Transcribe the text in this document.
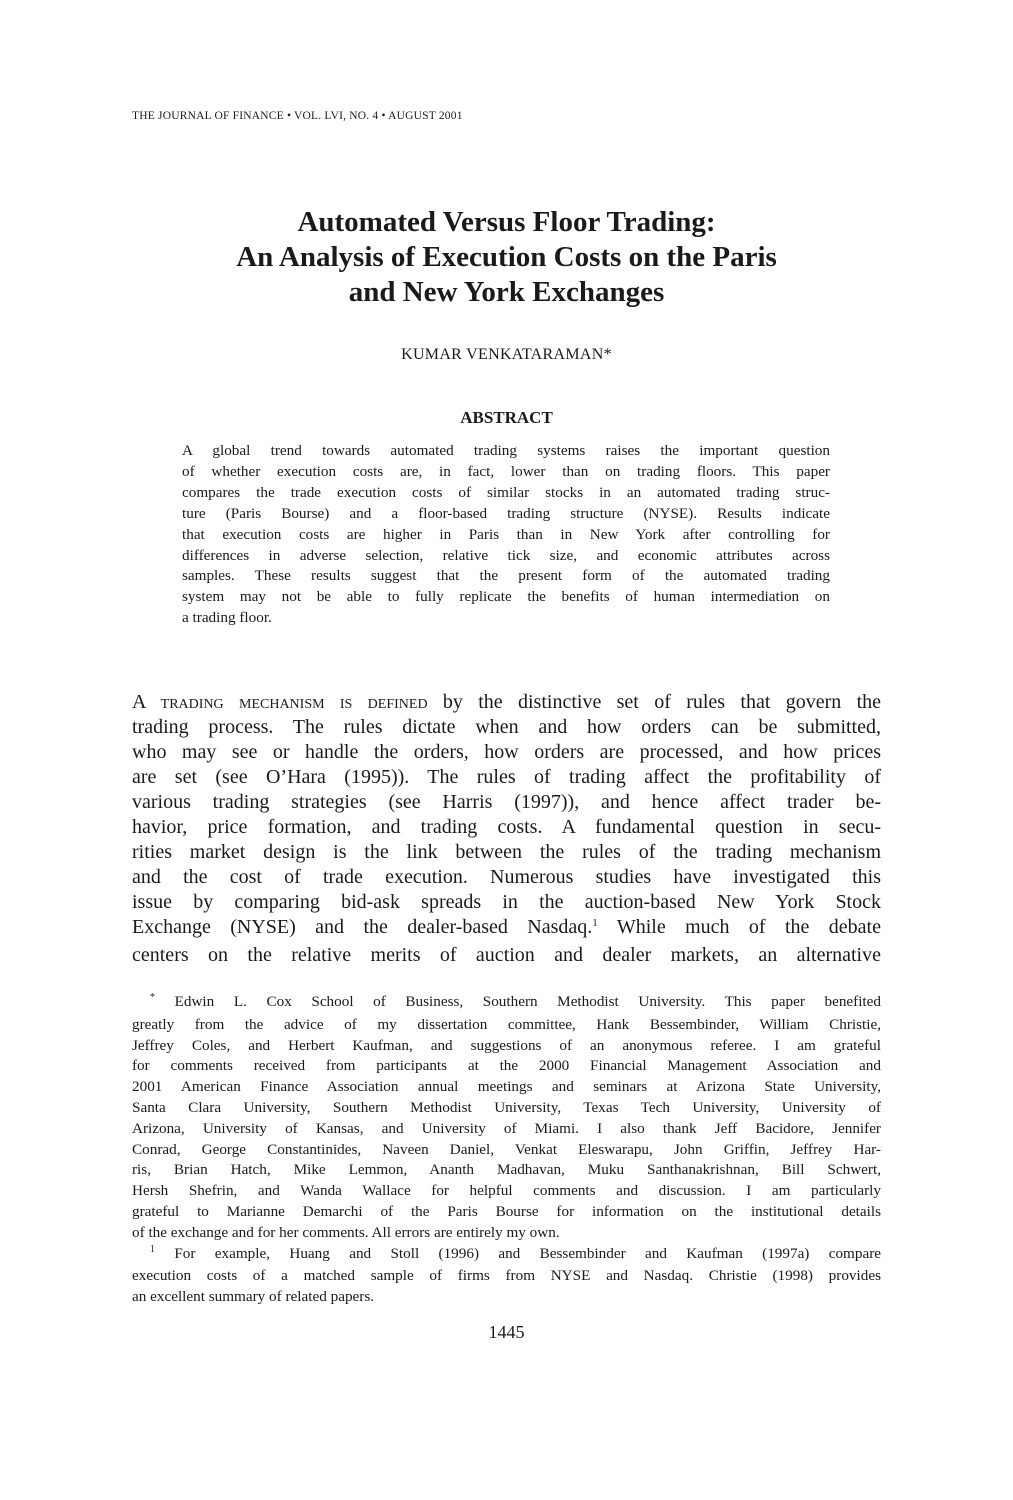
THE JOURNAL OF FINANCE • VOL. LVI, NO. 4 • AUGUST 2001
Automated Versus Floor Trading:
An Analysis of Execution Costs on the Paris
and New York Exchanges
KUMAR VENKATARAMAN*
ABSTRACT
A global trend towards automated trading systems raises the important question
of whether execution costs are, in fact, lower than on trading floors. This paper
compares the trade execution costs of similar stocks in an automated trading struc-
ture (Paris Bourse) and a floor-based trading structure (NYSE). Results indicate
that execution costs are higher in Paris than in New York after controlling for
differences in adverse selection, relative tick size, and economic attributes across
samples. These results suggest that the present form of the automated trading
system may not be able to fully replicate the benefits of human intermediation on
a trading floor.
A trading mechanism is defined by the distinctive set of rules that govern the
trading process. The rules dictate when and how orders can be submitted,
who may see or handle the orders, how orders are processed, and how prices
are set (see O’Hara (1995)). The rules of trading affect the profitability of
various trading strategies (see Harris (1997)), and hence affect trader be-
havior, price formation, and trading costs. A fundamental question in secu-
rities market design is the link between the rules of the trading mechanism
and the cost of trade execution. Numerous studies have investigated this
issue by comparing bid-ask spreads in the auction-based New York Stock
Exchange (NYSE) and the dealer-based Nasdaq.$^1$ While much of the debate
centers on the relative merits of auction and dealer markets, an alternative
* Edwin L. Cox School of Business, Southern Methodist University. This paper benefited
greatly from the advice of my dissertation committee, Hank Bessembinder, William Christie,
Jeffrey Coles, and Herbert Kaufman, and suggestions of an anonymous referee. I am grateful
for comments received from participants at the 2000 Financial Management Association and
2001 American Finance Association annual meetings and seminars at Arizona State University,
Santa Clara University, Southern Methodist University, Texas Tech University, University of
Arizona, University of Kansas, and University of Miami. I also thank Jeff Bacidore, Jennifer
Conrad, George Constantinides, Naveen Daniel, Venkat Eleswarapu, John Griffin, Jeffrey Har-
ris, Brian Hatch, Mike Lemmon, Ananth Madhavan, Muku Santhanakrishnan, Bill Schwert,
Hersh Shefrin, and Wanda Wallace for helpful comments and discussion. I am particularly
grateful to Marianne Demarchi of the Paris Bourse for information on the institutional details
of the exchange and for her comments. All errors are entirely my own.
$^1$ For example, Huang and Stoll (1996) and Bessembinder and Kaufman (1997a) compare
execution costs of a matched sample of firms from NYSE and Nasdaq. Christie (1998) provides
an excellent summary of related papers.
1445
